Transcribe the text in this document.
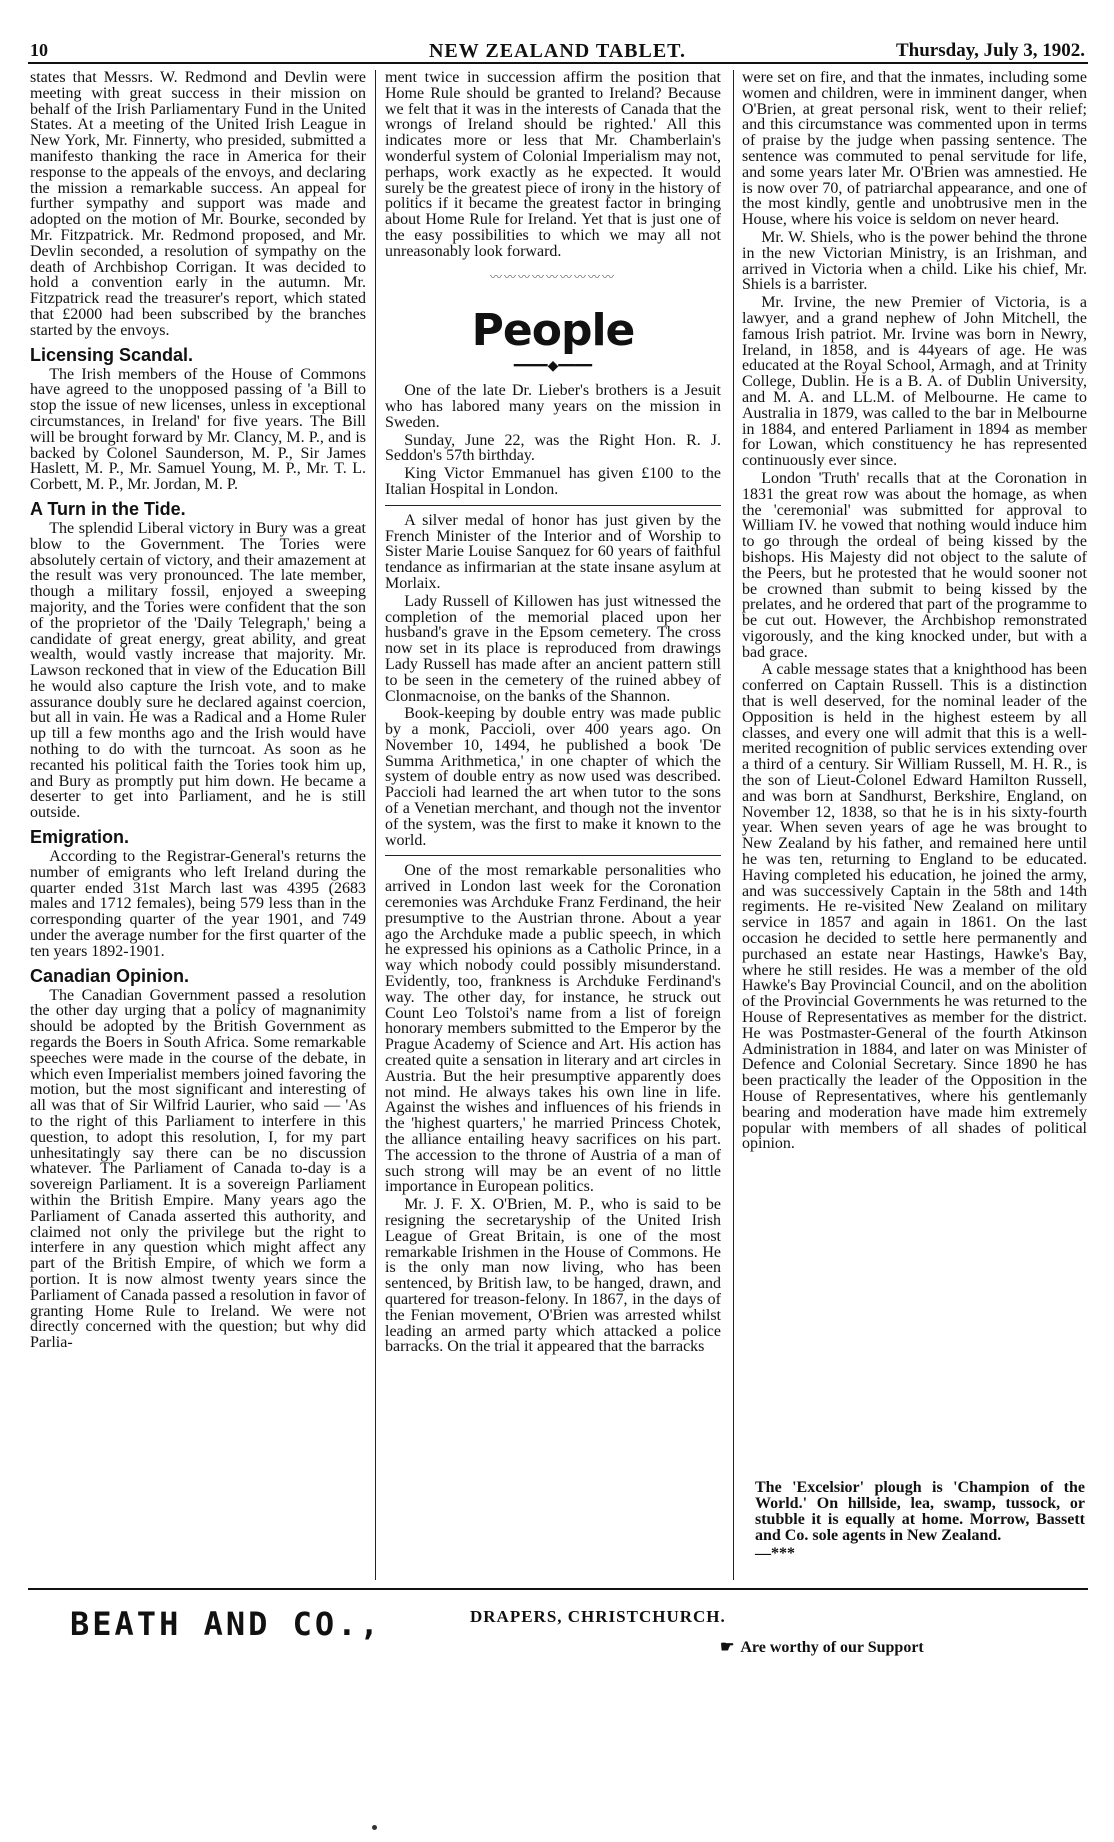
10	NEW ZEALAND TABLET.	Thursday, July 3, 1902.

states that Messrs. W. Redmond and Devlin were meeting with great success in their mission on behalf of the Irish Parliamentary Fund in the United States. At a meeting of the United Irish League in New York, Mr. Finnerty, who presided, submitted a manifesto thanking the race in America for their response to the appeals of the envoys, and declaring the mission a remarkable success. An appeal for further sympathy and support was made and adopted on the motion of Mr. Bourke, seconded by Mr. Fitzpatrick. Mr. Redmond proposed, and Mr. Devlin seconded, a resolution of sympathy on the death of Archbishop Corrigan. It was decided to hold a convention early in the autumn. Mr. Fitzpatrick read the treasurer's report, which stated that £2000 had been subscribed by the branches started by the envoys.

Licensing Scandal.

The Irish members of the House of Commons have agreed to the unopposed passing of 'a Bill to stop the issue of new licenses, unless in exceptional circumstances, in Ireland' for five years. The Bill will be brought forward by Mr. Clancy, M. P., and is backed by Colonel Saunderson, M. P., Sir James Haslett, M. P., Mr. Samuel Young, M. P., Mr. T. L. Corbett, M. P., Mr. Jordan, M. P.

A Turn in the Tide.

The splendid Liberal victory in Bury was a great blow to the Government. The Tories were absolutely certain of victory, and their amazement at the result was very pronounced. The late member, though a military fossil, enjoyed a sweeping majority, and the Tories were confident that the son of the proprietor of the 'Daily Telegraph,' being a candidate of great energy, great ability, and great wealth, would vastly increase that majority. Mr. Lawson reckoned that in view of the Education Bill he would also capture the Irish vote, and to make assurance doubly sure he declared against coercion, but all in vain. He was a Radical and a Home Ruler up till a few months ago and the Irish would have nothing to do with the turncoat. As soon as he recanted his political faith the Tories took him up, and Bury as promptly put him down. He became a deserter to get into Parliament, and he is still outside.

Emigration.

According to the Registrar-General's returns the number of emigrants who left Ireland during the quarter ended 31st March last was 4395 (2683 males and 1712 females), being 579 less than in the corresponding quarter of the year 1901, and 749 under the average number for the first quarter of the ten years 1892-1901.

Canadian Opinion.

The Canadian Government passed a resolution the other day urging that a policy of magnanimity should be adopted by the British Government as regards the Boers in South Africa. Some remarkable speeches were made in the course of the debate, in which even Imperialist members joined favoring the motion, but the most significant and interesting of all was that of Sir Wilfrid Laurier, who said — 'As to the right of this Parliament to interfere in this question, to adopt this resolution, I, for my part unhesitatingly say there can be no discussion whatever. The Parliament of Canada to-day is a sovereign Parliament. It is a sovereign Parliament within the British Empire. Many years ago the Parliament of Canada asserted this authority, and claimed not only the privilege but the right to interfere in any question which might affect any part of the British Empire, of which we form a portion. It is now almost twenty years since the Parliament of Canada passed a resolution in favor of granting Home Rule to Ireland. We were not directly concerned with the question; but why did Parlia-

ment twice in succession affirm the position that Home Rule should be granted to Ireland? Because we felt that it was in the interests of Canada that the wrongs of Ireland should be righted.' All this indicates more or less that Mr. Chamberlain's wonderful system of Colonial Imperialism may not, perhaps, work exactly as he expected. It would surely be the greatest piece of irony in the history of politics if it became the greatest factor in bringing about Home Rule for Ireland. Yet that is just one of the easy possibilities to which we may all not unreasonably look forward.

〰〰〰〰〰〰〰〰〰
People
━━━━◆━━━━

One of the late Dr. Lieber's brothers is a Jesuit who has labored many years on the mission in Sweden.

Sunday, June 22, was the Right Hon. R. J. Seddon's 57th birthday.

King Victor Emmanuel has given £100 to the Italian Hospital in London.

A silver medal of honor has just given by the French Minister of the Interior and of Worship to Sister Marie Louise Sanquez for 60 years of faithful tendance as infirmarian at the state insane asylum at Morlaix.

Lady Russell of Killowen has just witnessed the completion of the memorial placed upon her husband's grave in the Epsom cemetery. The cross now set in its place is reproduced from drawings Lady Russell has made after an ancient pattern still to be seen in the cemetery of the ruined abbey of Clonmacnoise, on the banks of the Shannon.

Book-keeping by double entry was made public by a monk, Paccioli, over 400 years ago. On November 10, 1494, he published a book 'De Summa Arithmetica,' in one chapter of which the system of double entry as now used was described. Paccioli had learned the art when tutor to the sons of a Venetian merchant, and though not the inventor of the system, was the first to make it known to the world.

One of the most remarkable personalities who arrived in London last week for the Coronation ceremonies was Archduke Franz Ferdinand, the heir presumptive to the Austrian throne. About a year ago the Archduke made a public speech, in which he expressed his opinions as a Catholic Prince, in a way which nobody could possibly misunderstand. Evidently, too, frankness is Archduke Ferdinand's way. The other day, for instance, he struck out Count Leo Tolstoi's name from a list of foreign honorary members submitted to the Emperor by the Prague Academy of Science and Art. His action has created quite a sensation in literary and art circles in Austria. But the heir presumptive apparently does not mind. He always takes his own line in life. Against the wishes and influences of his friends in the 'highest quarters,' he married Princess Chotek, the alliance entailing heavy sacrifices on his part. The accession to the throne of Austria of a man of such strong will may be an event of no little importance in European politics.

Mr. J. F. X. O'Brien, M. P., who is said to be resigning the secretaryship of the United Irish League of Great Britain, is one of the most remarkable Irishmen in the House of Commons. He is the only man now living, who has been sentenced, by British law, to be hanged, drawn, and quartered for treason-felony. In 1867, in the days of the Fenian movement, O'Brien was arrested whilst leading an armed party which attacked a police barracks. On the trial it appeared that the barracks

were set on fire, and that the inmates, including some women and children, were in imminent danger, when O'Brien, at great personal risk, went to their relief; and this circumstance was commented upon in terms of praise by the judge when passing sentence. The sentence was commuted to penal servitude for life, and some years later Mr. O'Brien was amnestied. He is now over 70, of patriarchal appearance, and one of the most kindly, gentle and unobtrusive men in the House, where his voice is seldom on never heard.

Mr. W. Shiels, who is the power behind the throne in the new Victorian Ministry, is an Irishman, and arrived in Victoria when a child. Like his chief, Mr. Shiels is a barrister.

Mr. Irvine, the new Premier of Victoria, is a lawyer, and a grand nephew of John Mitchell, the famous Irish patriot. Mr. Irvine was born in Newry, Ireland, in 1858, and is 44years of age. He was educated at the Royal School, Armagh, and at Trinity College, Dublin. He is a B. A. of Dublin University, and M. A. and LL.M. of Melbourne. He came to Australia in 1879, was called to the bar in Melbourne in 1884, and entered Parliament in 1894 as member for Lowan, which constituency he has represented continuously ever since.

London 'Truth' recalls that at the Coronation in 1831 the great row was about the homage, as when the 'ceremonial' was submitted for approval to William IV. he vowed that nothing would induce him to go through the ordeal of being kissed by the bishops. His Majesty did not object to the salute of the Peers, but he protested that he would sooner not be crowned than submit to being kissed by the prelates, and he ordered that part of the programme to be cut out. However, the Archbishop remonstrated vigorously, and the king knocked under, but with a bad grace.

A cable message states that a knighthood has been conferred on Captain Russell. This is a distinction that is well deserved, for the nominal leader of the Opposition is held in the highest esteem by all classes, and every one will admit that this is a well-merited recognition of public services extending over a third of a century. Sir William Russell, M. H. R., is the son of Lieut-Colonel Edward Hamilton Russell, and was born at Sandhurst, Berkshire, England, on November 12, 1838, so that he is in his sixty-fourth year. When seven years of age he was brought to New Zealand by his father, and remained here until he was ten, returning to England to be educated. Having completed his education, he joined the army, and was successively Captain in the 58th and 14th regiments. He re-visited New Zealand on military service in 1857 and again in 1861. On the last occasion he decided to settle here permanently and purchased an estate near Hastings, Hawke's Bay, where he still resides. He was a member of the old Hawke's Bay Provincial Council, and on the abolition of the Provincial Governments he was returned to the House of Representatives as member for the district. He was Postmaster-General of the fourth Atkinson Administration in 1884, and later on was Minister of Defence and Colonial Secretary. Since 1890 he has been practically the leader of the Opposition in the House of Representatives, where his gentlemanly bearing and moderation have made him extremely popular with members of all shades of political opinion.

The 'Excelsior' plough is 'Champion of the World.' On hillside, lea, swamp, tussock, or stubble it is equally at home. Morrow, Bassett and Co. sole agents in New Zealand.

—***
BEATH AND CO.,	DRAPERS, CHRISTCHURCH.
☛ Are worthy of our Support
